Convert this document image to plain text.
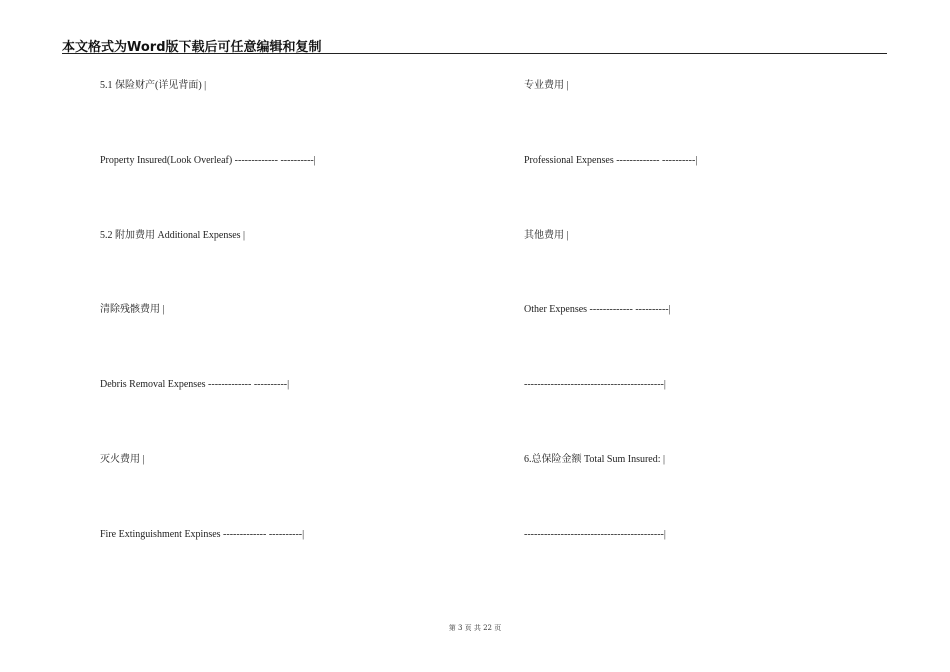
本文格式为Word版下载后可任意编辑和复制
5.1 保险财产(详见背面) |
Property Insured(Look Overleaf) ------------- ----------|
5.2 附加费用 Additional Expenses |
清除残骸费用 |
Debris Removal Expenses ------------- ----------|
灭火费用 |
Fire Extinguishment Expinses ------------- ----------|
专业费用 |
Professional Expenses ------------- ----------|
其他费用 |
Other Expenses ------------- ----------|
------------------------------------------|
6.总保险金额 Total Sum Insured: |
------------------------------------------|
第 3 页 共 22 页
